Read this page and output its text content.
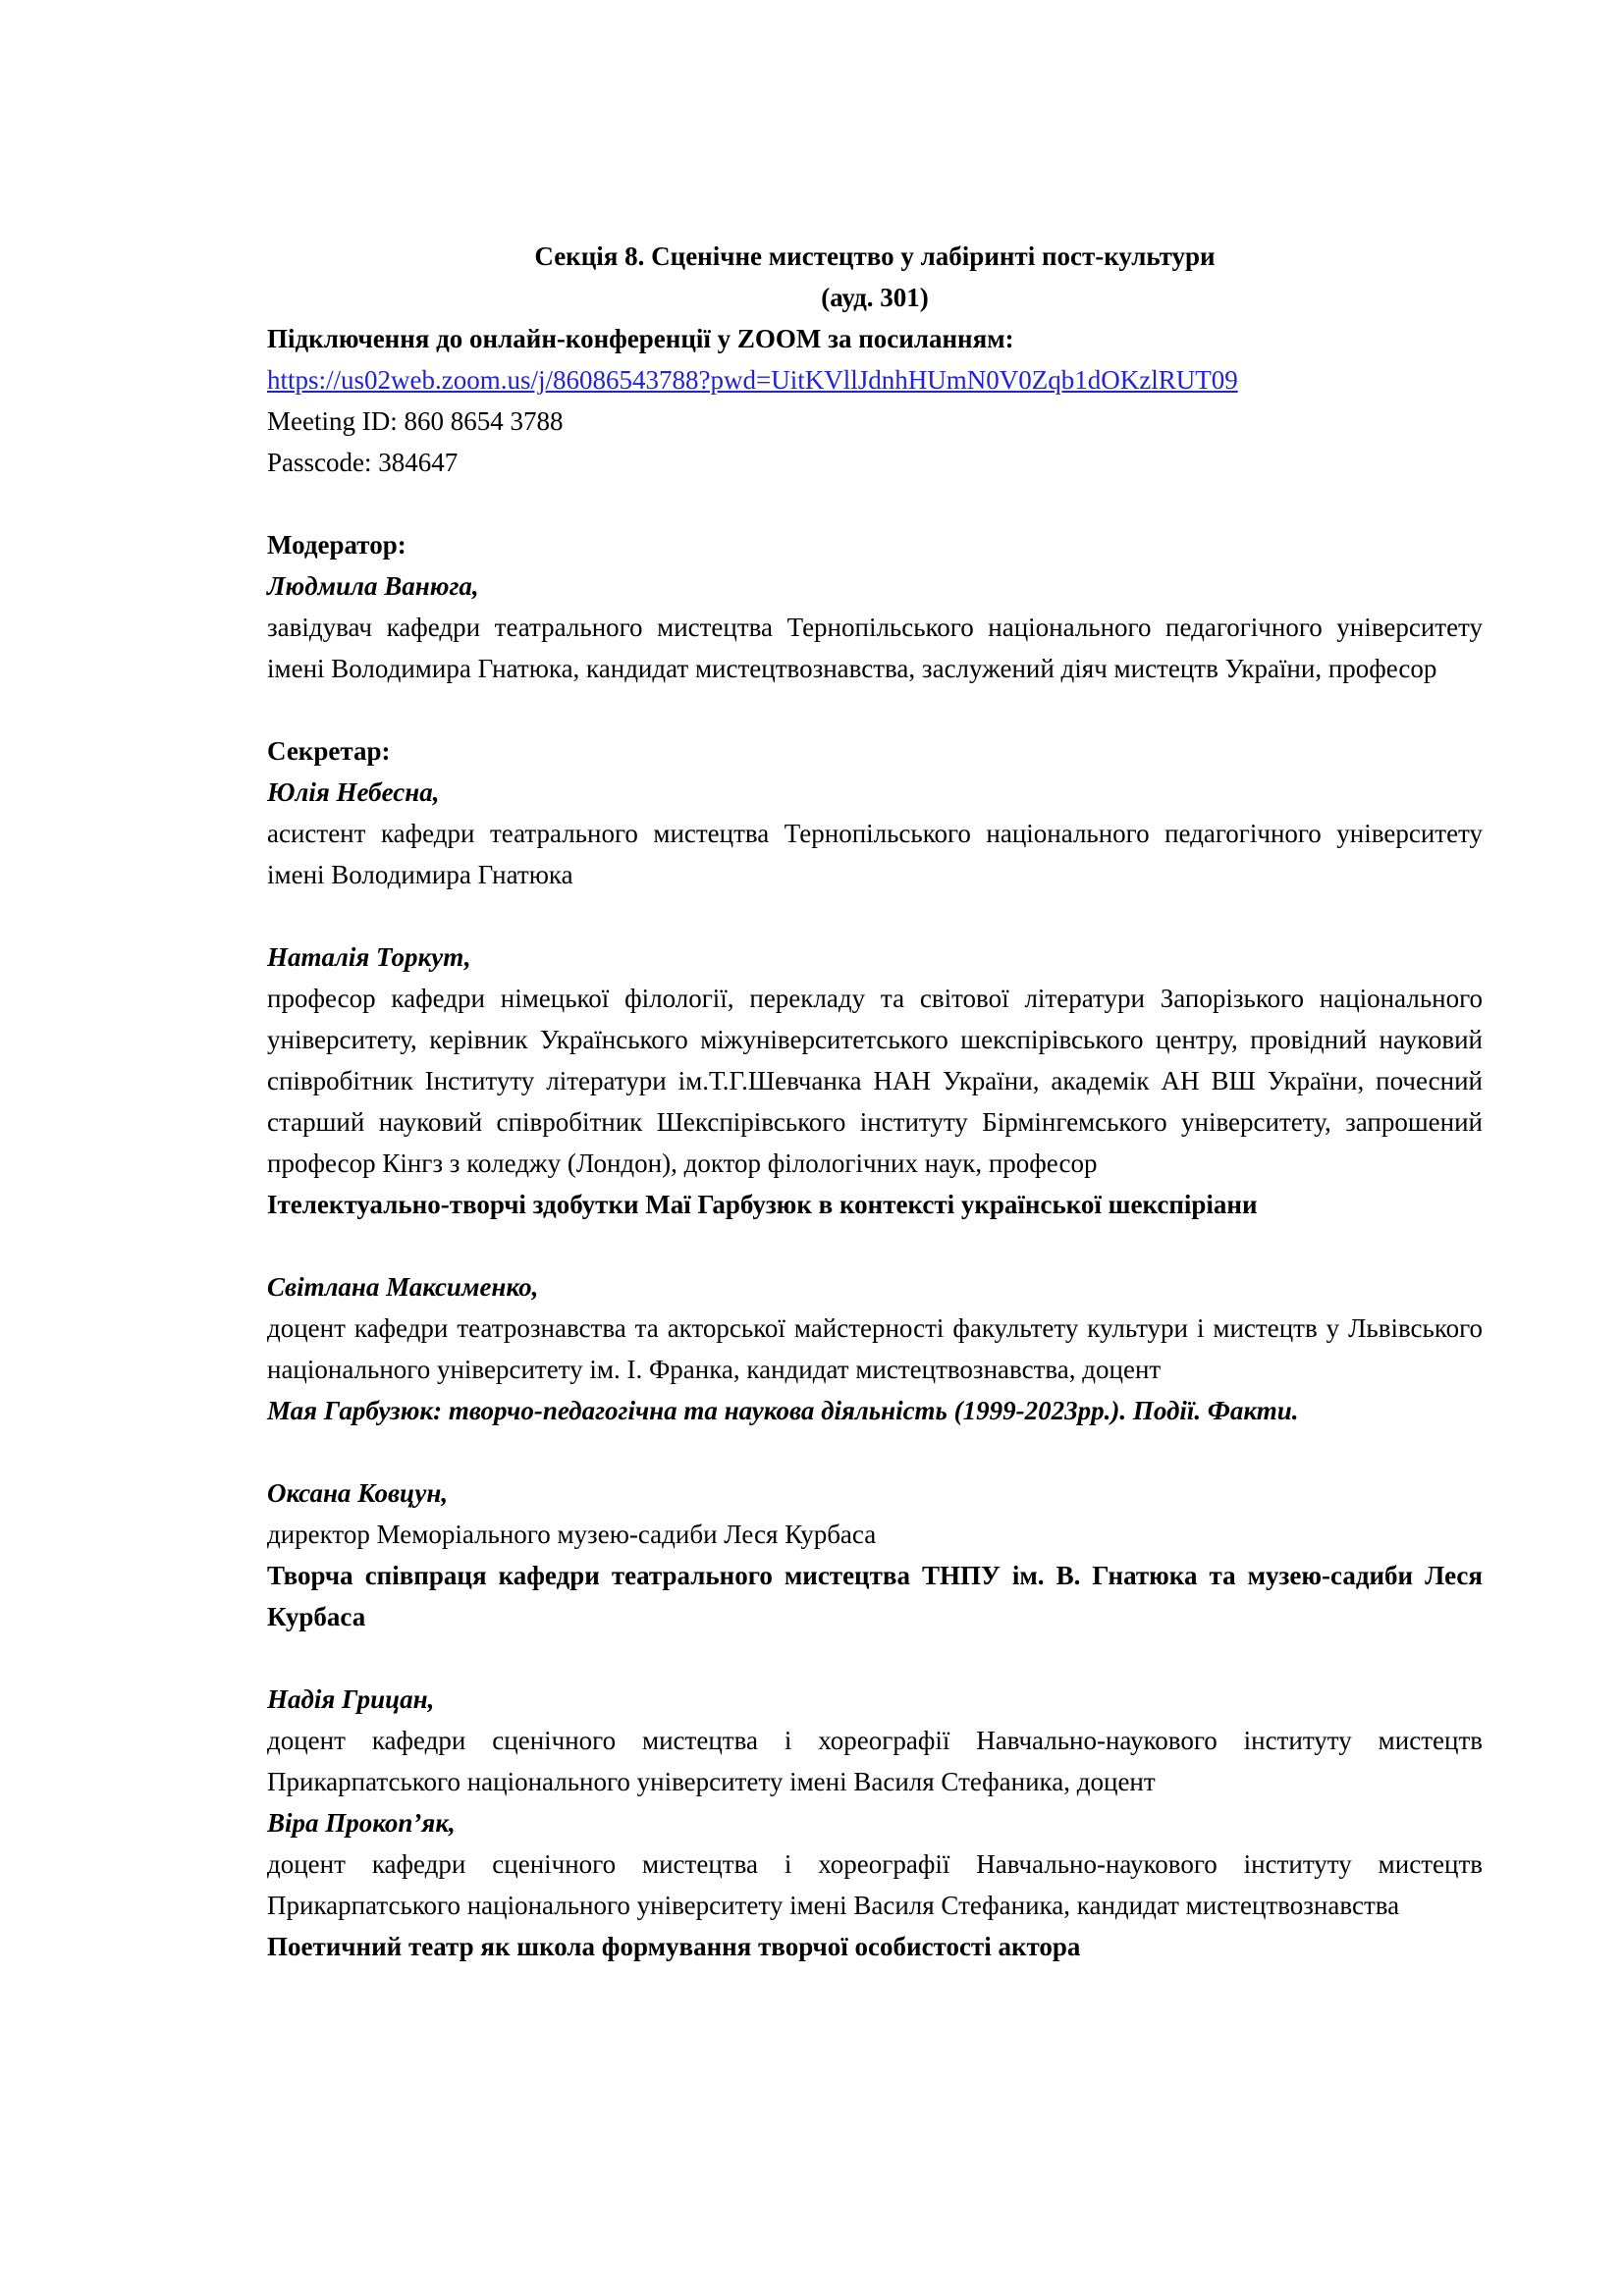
Секція 8. Сценічне мистецтво у лабіринті пост-культури

(ауд. 301)

Підключення до онлайн-конференції у ZOOM за посиланням:

https://us02web.zoom.us/j/86086543788?pwd=UitKVllJdnhHUmN0V0Zqb1dOKzlRUT09

Meeting ID: 860 8654 3788

Passcode: 384647

Модератор:

Людмила Ванюга,

завідувач кафедри театрального мистецтва Тернопільського національного педагогічного університету імені Володимира Гнатюка, кандидат мистецтвознавства, заслужений діяч мистецтв України, професор

Секретар:

Юлія Небесна,

асистент кафедри театрального мистецтва Тернопільського національного педагогічного університету імені Володимира Гнатюка

Наталія Торкут,

професор кафедри німецької філології, перекладу та світової літератури Запорізького національного університету, керівник Українського міжуніверситетського шекспірівського центру, провідний науковий співробітник Інституту літератури ім.Т.Г.Шевчанка НАН України, академік АН ВШ України, почесний старший науковий співробітник Шекспірівського інституту Бірмінгемського університету, запрошений професор Кінгз з коледжу (Лондон), доктор філологічних наук, професор

Ітелектуально-творчі здобутки Маї Гарбузюк в контексті української шекспіріани

Світлана Максименко,

доцент кафедри театрознавства та акторської майстерності факультету культури і мистецтв у Львівського національного університету ім. І. Франка, кандидат мистецтвознавства, доцент

Мая Гарбузюк: творчо-педагогічна та наукова діяльність (1999-2023рр.). Події. Факти.

Оксана Ковцун,

директор Меморіального музею-садиби Леся Курбаса

Творча співпраця кафедри театрального мистецтва ТНПУ ім. В. Гнатюка та музею-садиби Леся Курбаса

Надія Грицан,

доцент кафедри сценічного мистецтва і хореографії Навчально-наукового інституту мистецтв Прикарпатського національного університету імені Василя Стефаника, доцент

Віра Прокоп’як,

доцент кафедри сценічного мистецтва і хореографії Навчально-наукового інституту мистецтв Прикарпатського національного університету імені Василя Стефаника, кандидат мистецтвознавства

Поетичний театр як школа формування творчої особистості актора
